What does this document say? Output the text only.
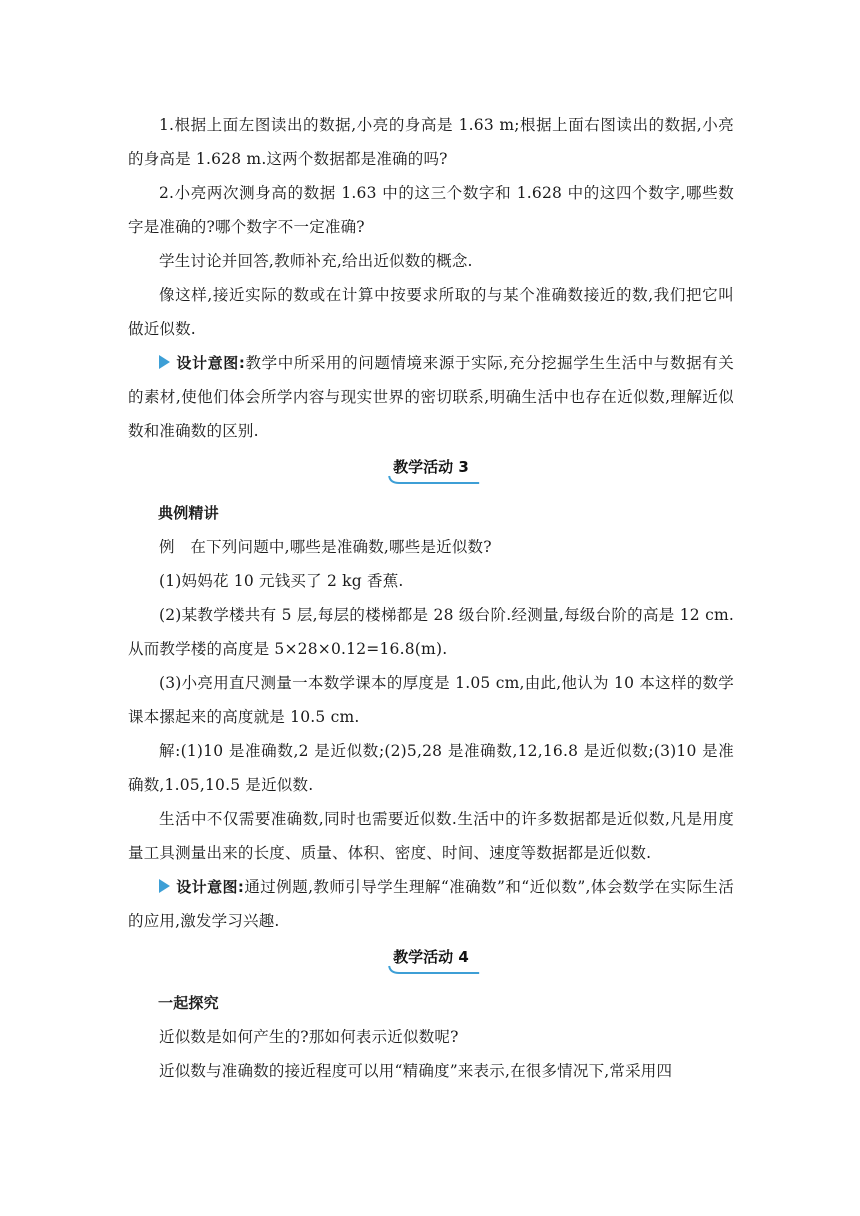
1.根据上面左图读出的数据,小亮的身高是 1.63 m;根据上面右图读出的数据,小亮的身高是 1.628 m.这两个数据都是准确的吗?

2.小亮两次测身高的数据 1.63 中的这三个数字和 1.628 中的这四个数字,哪些数字是准确的?哪个数字不一定准确?

学生讨论并回答,教师补充,给出近似数的概念.

像这样,接近实际的数或在计算中按要求所取的与某个准确数接近的数,我们把它叫做近似数.

设计意图:教学中所采用的问题情境来源于实际,充分挖掘学生生活中与数据有关的素材,使他们体会所学内容与现实世界的密切联系,明确生活中也存在近似数,理解近似数和准确数的区别.

教学活动 3

典例精讲

例　在下列问题中,哪些是准确数,哪些是近似数?

(1)妈妈花 10 元钱买了 2 kg 香蕉.

(2)某教学楼共有 5 层,每层的楼梯都是 28 级台阶.经测量,每级台阶的高是 12 cm.从而教学楼的高度是 5×28×0.12=16.8(m).

(3)小亮用直尺测量一本数学课本的厚度是 1.05 cm,由此,他认为 10 本这样的数学课本摞起来的高度就是 10.5 cm.

解:(1)10 是准确数,2 是近似数;(2)5,28 是准确数,12,16.8 是近似数;(3)10 是准确数,1.05,10.5 是近似数.

生活中不仅需要准确数,同时也需要近似数.生活中的许多数据都是近似数,凡是用度量工具测量出来的长度、质量、体积、密度、时间、速度等数据都是近似数.

设计意图:通过例题,教师引导学生理解“准确数”和“近似数”,体会数学在实际生活的应用,激发学习兴趣.

教学活动 4

一起探究

近似数是如何产生的?那如何表示近似数呢?

近似数与准确数的接近程度可以用“精确度”来表示,在很多情况下,常采用四
